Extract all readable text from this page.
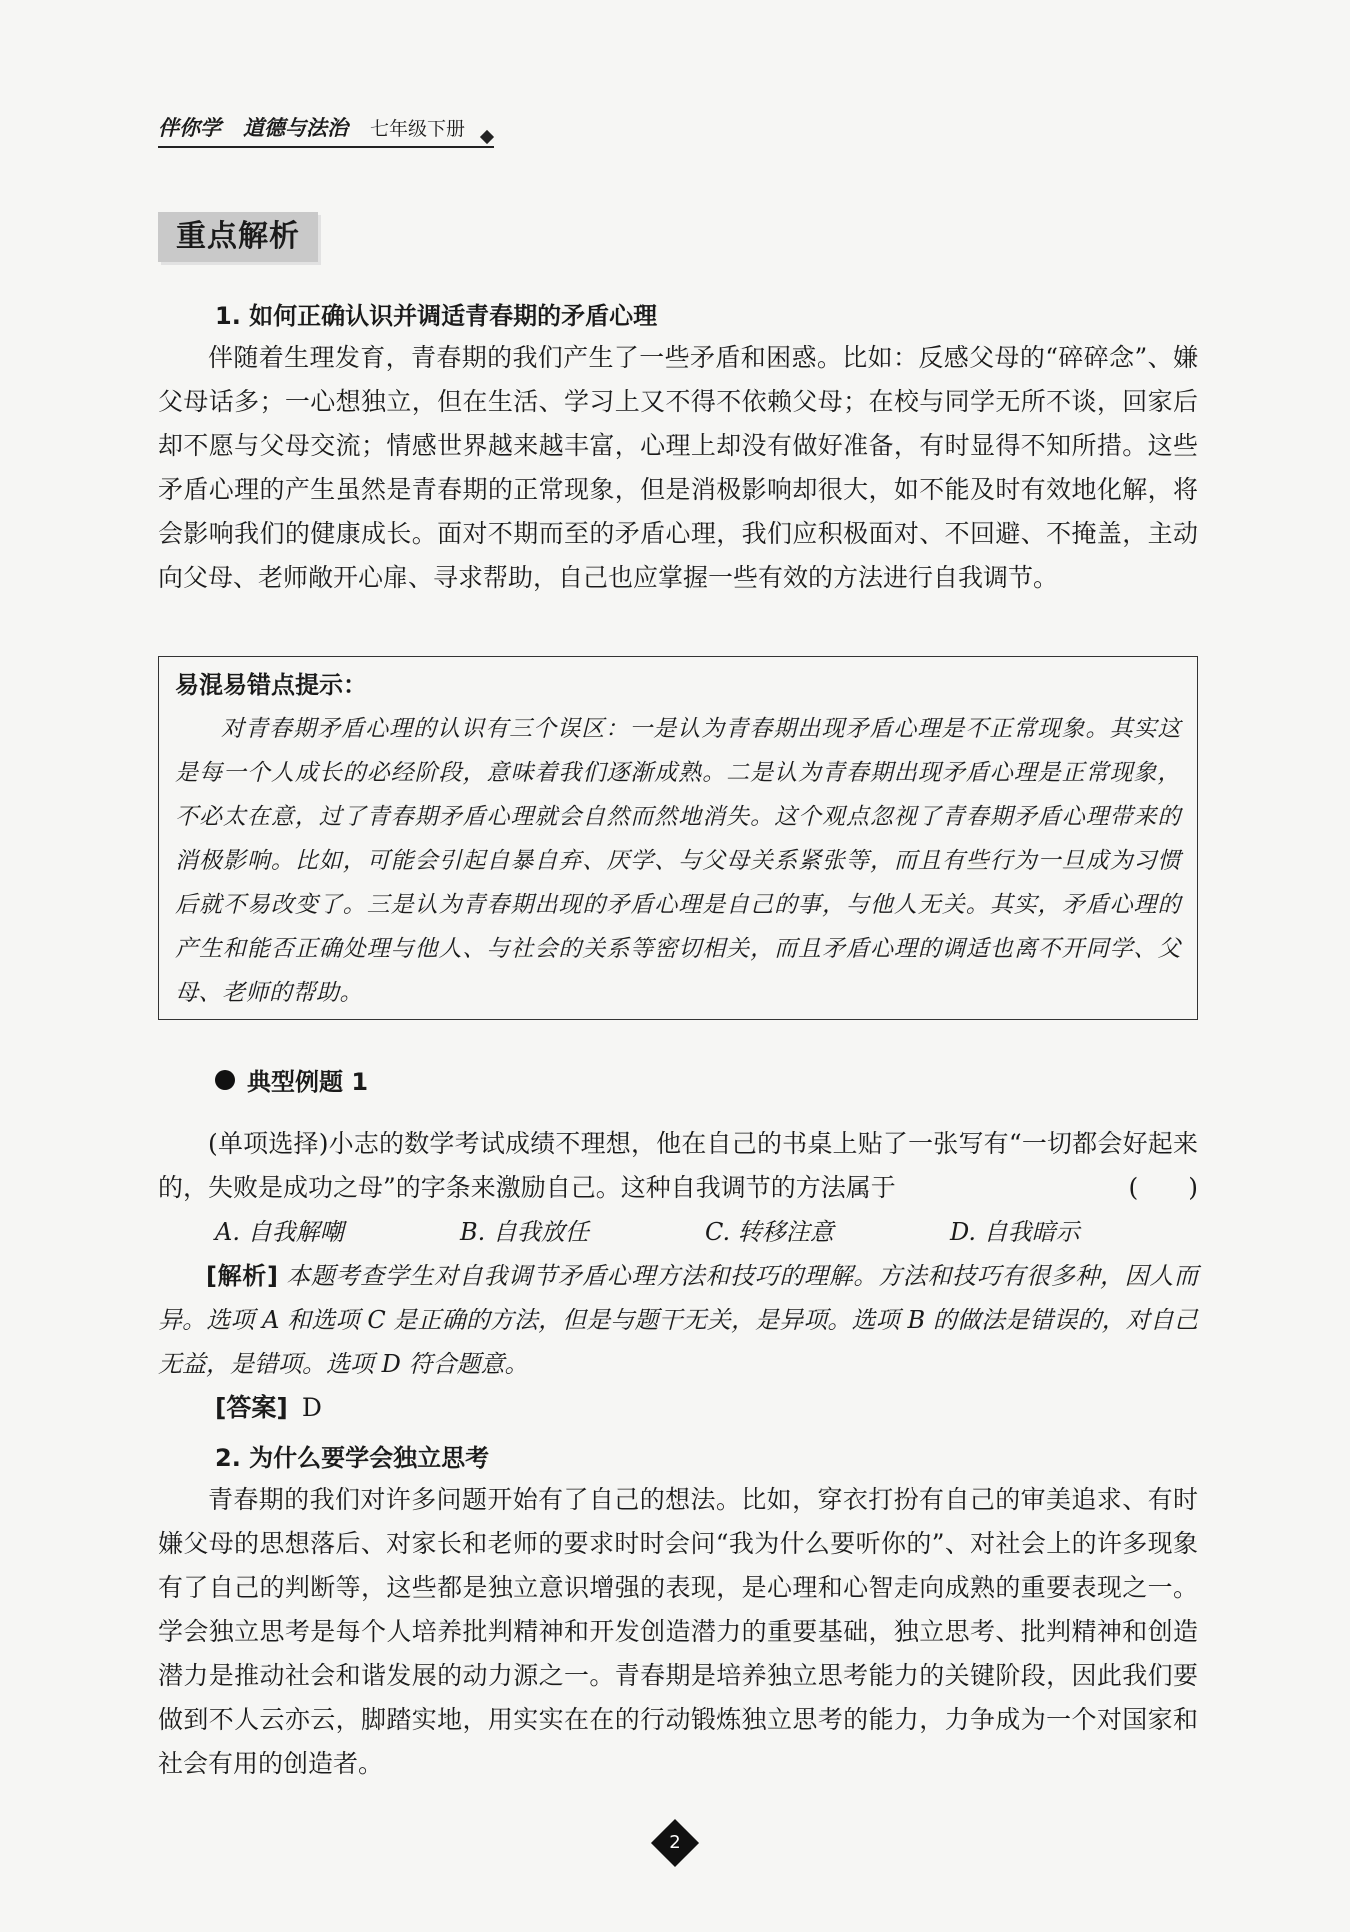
伴你学 道德与法治 七年级下册
重点解析
1. 如何正确认识并调适青春期的矛盾心理

伴随着生理发育，青春期的我们产生了一些矛盾和困惑。比如：反感父母的“碎碎念”、嫌父母话多；一心想独立，但在生活、学习上又不得不依赖父母；在校与同学无所不谈，回家后却不愿与父母交流；情感世界越来越丰富，心理上却没有做好准备，有时显得不知所措。这些矛盾心理的产生虽然是青春期的正常现象，但是消极影响却很大，如不能及时有效地化解，将会影响我们的健康成长。面对不期而至的矛盾心理，我们应积极面对、不回避、不掩盖，主动向父母、老师敞开心扉、寻求帮助，自己也应掌握一些有效的方法进行自我调节。

易混易错点提示：

对青春期矛盾心理的认识有三个误区：一是认为青春期出现矛盾心理是不正常现象。其实这是每一个人成长的必经阶段，意味着我们逐渐成熟。二是认为青春期出现矛盾心理是正常现象，不必太在意，过了青春期矛盾心理就会自然而然地消失。这个观点忽视了青春期矛盾心理带来的消极影响。比如，可能会引起自暴自弃、厌学、与父母关系紧张等，而且有些行为一旦成为习惯后就不易改变了。三是认为青春期出现的矛盾心理是自己的事，与他人无关。其实，矛盾心理的产生和能否正确处理与他人、与社会的关系等密切相关，而且矛盾心理的调适也离不开同学、父母、老师的帮助。

典型例题 1

(单项选择)小志的数学考试成绩不理想，他在自己的书桌上贴了一张写有“一切都会好起来的，失败是成功之母”的字条来激励自己。这种自我调节的方法属于	(　　)

A. 自我解嘲	B. 自我放任	C. 转移注意	D. 自我暗示

[解析] 本题考查学生对自我调节矛盾心理方法和技巧的理解。方法和技巧有很多种，因人而异。选项 A 和选项 C 是正确的方法，但是与题干无关，是异项。选项 B 的做法是错误的，对自己无益，是错项。选项 D 符合题意。

[答案] D
2. 为什么要学会独立思考

青春期的我们对许多问题开始有了自己的想法。比如，穿衣打扮有自己的审美追求、有时嫌父母的思想落后、对家长和老师的要求时时会问“我为什么要听你的”、对社会上的许多现象有了自己的判断等，这些都是独立意识增强的表现，是心理和心智走向成熟的重要表现之一。学会独立思考是每个人培养批判精神和开发创造潜力的重要基础，独立思考、批判精神和创造潜力是推动社会和谐发展的动力源之一。青春期是培养独立思考能力的关键阶段，因此我们要做到不人云亦云，脚踏实地，用实实在在的行动锻炼独立思考的能力，力争成为一个对国家和社会有用的创造者。

2
